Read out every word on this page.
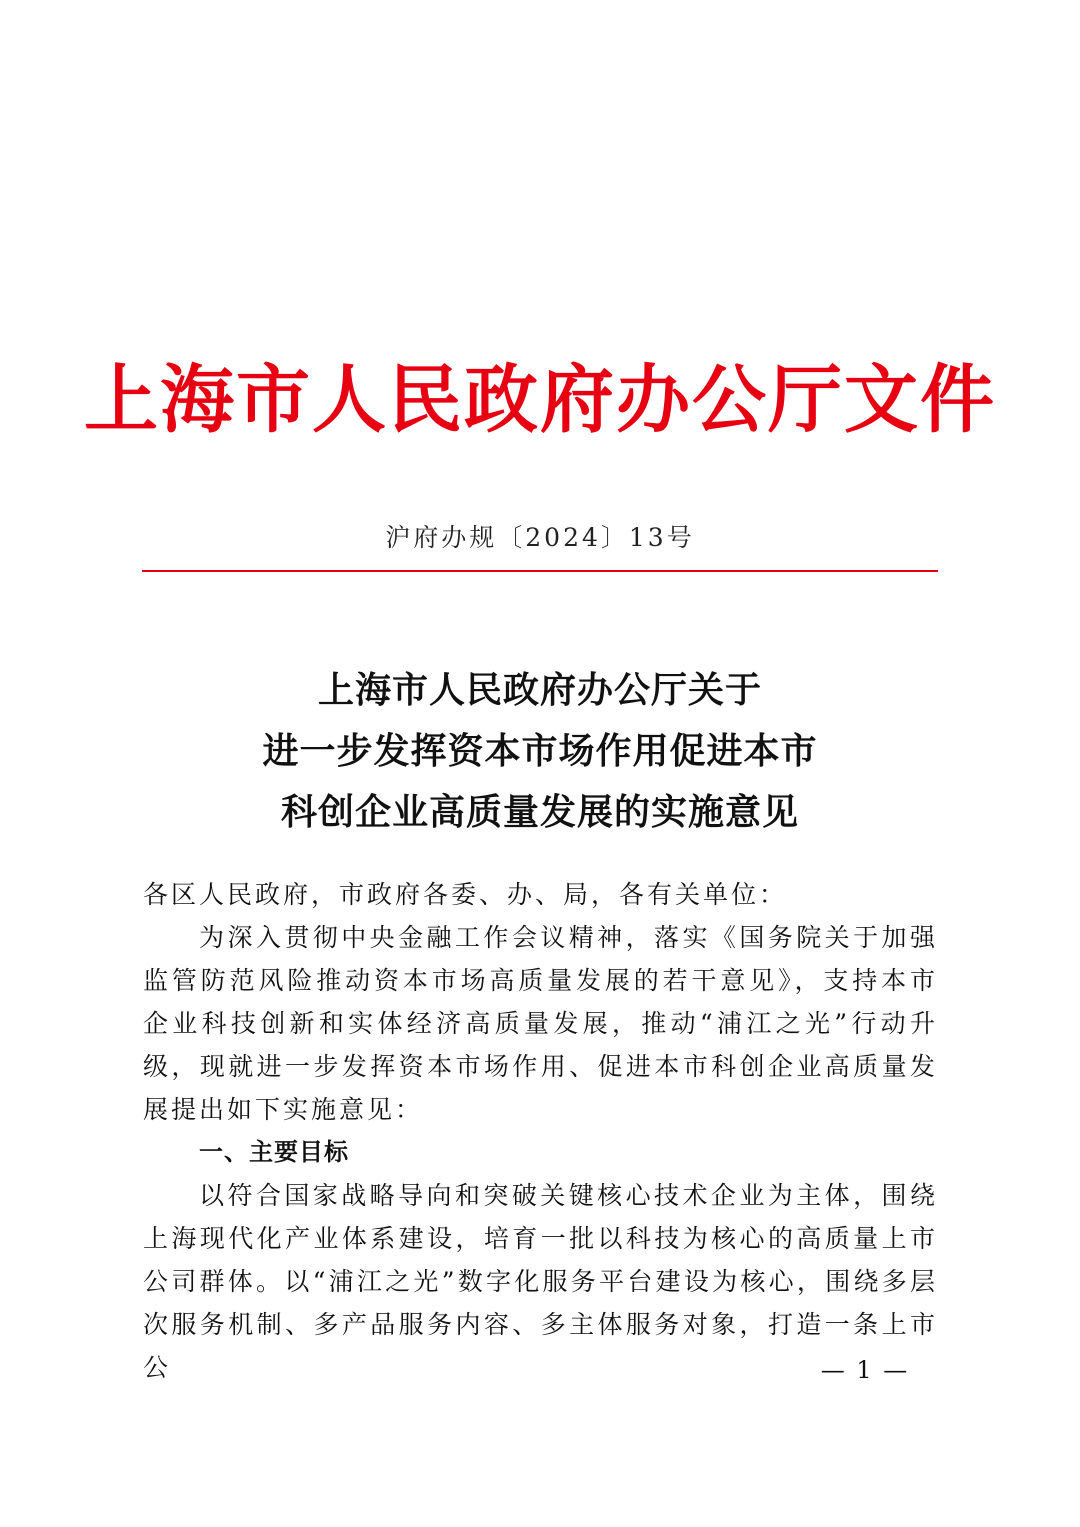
上海市人民政府办公厅文件
沪府办规〔2024〕13号
上海市人民政府办公厅关于
进一步发挥资本市场作用促进本市
科创企业高质量发展的实施意见

各区人民政府，市政府各委、办、局，各有关单位：

为深入贯彻中央金融工作会议精神，落实《国务院关于加强监管防范风险推动资本市场高质量发展的若干意见》，支持本市企业科技创新和实体经济高质量发展，推动“浦江之光”行动升级，现就进一步发挥资本市场作用、促进本市科创企业高质量发展提出如下实施意见：

一、主要目标

以符合国家战略导向和突破关键核心技术企业为主体，围绕上海现代化产业体系建设，培育一批以科技为核心的高质量上市公司群体。以“浦江之光”数字化服务平台建设为核心，围绕多层次服务机制、多产品服务内容、多主体服务对象，打造一条上市公	— 1 —
